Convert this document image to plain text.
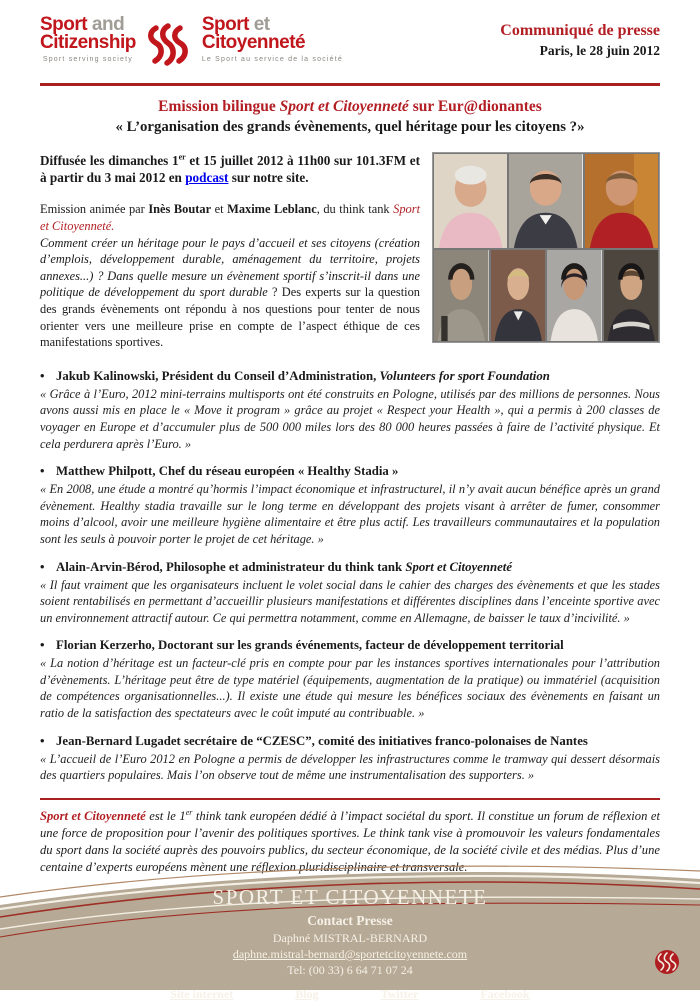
Sport and
Citizenship
Sport serving society
Sport et
Citoyenneté
Le Sport au service de la société
Communiqué de presse
Paris, le 28 juin 2012
Emission bilingue Sport et Citoyenneté sur Eur@dionantes
« L’organisation des grands évènements, quel héritage pour les citoyens ?»

Diffusée les dimanches 1er et 15 juillet 2012 à 11h00 sur 101.3FM et à partir du 3 mai 2012 en podcast sur notre site.

Emission animée par Inès Boutar et Maxime Leblanc, du think tank Sport et Citoyenneté.

Comment créer un héritage pour le pays d’accueil et ses citoyens (création d’emplois, développement durable, aménagement du territoire, projets annexes...) ? Dans quelle mesure un évènement sportif s’inscrit-il dans une politique de développement du sport durable ? Des experts sur la question des grands évènements ont répondu à nos questions pour tenter de nous orienter vers une meilleure prise en compte de l’aspect éthique de ces manifestations sportives.

• Jakub Kalinowski, Président du Conseil d’Administration, Volunteers for sport Foundation
« Grâce à l’Euro, 2012 mini-terrains multisports ont été construits en Pologne, utilisés par des millions de personnes. Nous avons aussi mis en place le « Move it program » grâce au projet « Respect your Health », qui a permis à 200 classes de voyager en Europe et d’accumuler plus de 500 000 miles lors des 80 000 heures passées à faire de l’activité physique. Et cela perdurera après l’Euro. »
• Matthew Philpott, Chef du réseau européen « Healthy Stadia »
« En 2008, une étude a montré qu’hormis l’impact économique et infrastructurel, il n’y avait aucun bénéfice après un grand évènement. Healthy stadia travaille sur le long terme en développant des projets visant à arrêter de fumer, consommer moins d’alcool, avoir une meilleure hygiène alimentaire et être plus actif. Les travailleurs communautaires et la population sont les seuls à pouvoir porter le projet de cet héritage. »
• Alain-Arvin-Bérod, Philosophe et administrateur du think tank Sport et Citoyenneté
« Il faut vraiment que les organisateurs incluent le volet social dans le cahier des charges des évènements et que les stades soient rentabilisés en permettant d’accueillir plusieurs manifestations et différentes disciplines dans l’enceinte sportive avec un environnement attractif autour. Ce qui permettra notamment, comme en Allemagne, de baisser le taux d’incivilité. »
• Florian Kerzerho, Doctorant sur les grands événements, facteur de développement territorial
« La notion d’héritage est un facteur-clé pris en compte pour par les instances sportives internationales pour l’attribution d’évènements. L’héritage peut être de type matériel (équipements, augmentation de la pratique) ou immatériel (acquisition de compétences organisationnelles...). Il existe une étude qui mesure les bénéfices sociaux des évènements en faisant un ratio de la satisfaction des spectateurs avec le coût imputé au contribuable. »
• Jean-Bernard Lugadet secrétaire de “CZESC”, comité des initiatives franco-polonaises de Nantes
« L’accueil de l’Euro 2012 en Pologne a permis de développer les infrastructures comme le tramway qui dessert désormais des quartiers populaires. Mais l’on observe tout de même une instrumentalisation des supporters. »

Sport et Citoyenneté est le 1er think tank européen dédié à l’impact sociétal du sport. Il constitue un forum de réflexion et une force de proposition pour l’avenir des politiques sportives. Le think tank vise à promouvoir les valeurs fondamentales du sport dans la société auprès des pouvoirs publics, du secteur économique, de la société civile et des médias. Plus d’une centaine d’experts européens mènent une réflexion pluridisciplinaire et transversale.

SPORT ET CITOYENNETE
Contact Presse
Daphné MISTRAL-BERNARD
daphne.mistral-bernard@sportetcitoyennete.com
Tel: (00 33) 6 64 71 07 24
Site internet	Blog	Twitter	Facebook
